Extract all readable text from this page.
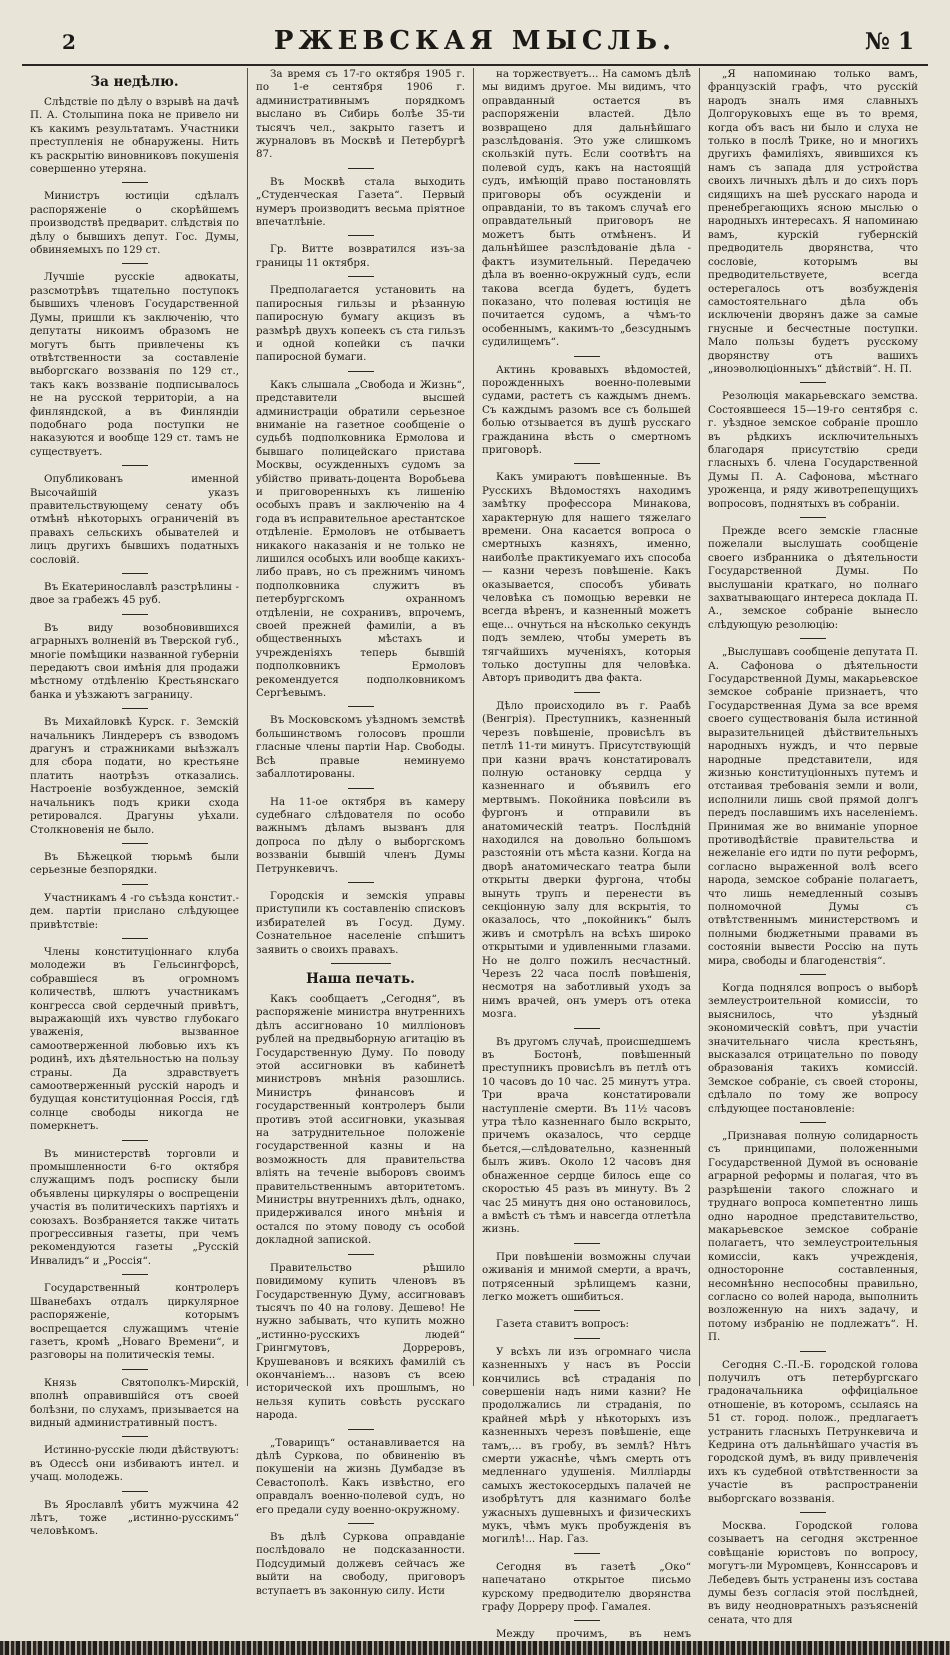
2	РЖЕВСКАЯ МЫСЛЬ.	№ 1
За недѣлю.

Слѣдствіе по дѣлу о взрывѣ на дачѣ П. А. Столыпина пока не привело ни къ какимъ результатамъ. Участники преступленія не обнаружены. Нить къ раскрытію виновниковъ покушенія совершенно утеряна.

Министръ юстиціи сдѣлалъ распоряженіе о скорѣйшемъ производствѣ предварит. слѣдствія по дѣлу о бывшихъ депут. Гос. Думы, обвиняемыхъ по 129 ст.

Лучшіе русскіе адвокаты, разсмотрѣвъ тщательно поступокъ бывшихъ членовъ Государственной Думы, пришли къ заключенію, что депутаты никоимъ образомъ не могутъ быть привлечены къ отвѣтственности за составленіе выборгскаго воззванія по 129 ст., такъ какъ воззваніе подписывалось не на русской территоріи, а на финляндской, а въ Финляндіи подобнаго рода поступки не наказуются и вообще 129 ст. тамъ не существуетъ.

Опубликованъ именной Высочайшій указъ правительствующему сенату объ отмѣнѣ нѣкоторыхъ ограниченій въ правахъ сельскихъ обывателей и лицъ другихъ бывшихъ податныхъ сословій.

Въ Екатеринославлѣ разстрѣлины - двое за грабежъ 45 руб.

Въ виду возобновившихся аграрныхъ волненій въ Тверской губ., многіе помѣщики названной губерніи передаютъ свои имѣнія для продажи мѣстному отдѣленію Крестьянскаго банка и уѣзжаютъ заграницу.

Въ Михайловкѣ Курск. г. Земскій начальникъ Линдереръ съ взводомъ драгунъ и стражниками выѣзжалъ для сбора подати, но крестьяне платить наотрѣзъ отказались. Настроеніе возбужденное, земскій начальникъ подъ крики схода ретировался. Драгуны уѣхали. Столкновенія не было.

Въ Бѣжецкой тюрьмѣ были серьезные безпорядки.

Участникамъ 4 -го съѣзда констит.-дем. партіи прислано слѣдующее привѣтствіе:

Члены конституціоннаго клуба молодежи въ Гельсингфорсѣ, собравшіеся въ огромномъ количествѣ, шлютъ участникамъ конгресса свой сердечный привѣтъ, выражающій ихъ чувство глубокаго уваженія, вызванное самоотверженной любовью ихъ къ родинѣ, ихъ дѣятельностью на пользу страны. Да здравствуетъ самоотверженный русскій народъ и будущая конституціонная Россія, гдѣ солнце свободы никогда не померкнетъ.

Въ министерствѣ торговли и промышленности 6-го октября служащимъ подъ росписку были объявлены циркуляры о воспрещеніи участія въ политическихъ партіяхъ и союзахъ. Возбраняется также читать прогрессивныя газеты, при чемъ рекомендуются газеты „Русскій Инвалидъ“ и „Россія“.

Государственный контролеръ Шванебахъ отдалъ циркулярное распоряженіе, которымъ воспрещается служащимъ чтеніе газетъ, кромѣ „Новаго Времени“, и разговоры на политическія темы.

Князь Святополкъ-Мирскій, вполнѣ оправившійся отъ своей болѣзни, по слухамъ, призывается на видный административный постъ.

Истинно-русскіе люди дѣйствуютъ: въ Одессѣ они избиваютъ интел. и учащ. молодежь.

Въ Ярославлѣ убитъ мужчина 42 лѣтъ, тоже „истинно-русскимъ“ человѣкомъ.

За время съ 17-го октября 1905 г. по 1-е сентября 1906 г. административнымъ порядкомъ выслано въ Сибирь болѣе 35-ти тысячъ чел., закрыто газетъ и журналовъ въ Москвѣ и Петербургѣ 87.

Въ Москвѣ стала выходить „Студенческая Газета“. Первый нумеръ производитъ весьма пріятное впечатлѣніе.

Гр. Витте возвратился изъ-за границы 11 октября.

Предполагается установить на папиросныя гильзы и рѣзанную папиросную бумагу акцизъ въ размѣрѣ двухъ копеекъ съ ста гильзъ и одной копейки съ пачки папиросной бумаги.

Какъ слышала „Свобода и Жизнь“, представители высшей администраціи обратили серьезное вниманіе на газетное сообщеніе о судьбѣ подполковника Ермолова и бывшаго полицейскаго пристава Москвы, осужденныхъ судомъ за убійство привать-доцента Воробьева и приговоренныхъ къ лишенію особыхъ правъ и заключенію на 4 года въ исправительное арестантское отдѣленіе. Ермоловъ не отбываетъ никакого наказанія и не только не лишился особыхъ или вообще какихъ-либо правъ, но съ прежнимъ чиномъ подполковника служитъ въ петербургскомъ охранномъ отдѣленіи, не сохранивъ, впрочемъ, своей прежней фамиліи, а въ общественныхъ мѣстахъ и учрежденіяхъ теперь бывшій подполковникъ Ермоловъ рекомендуется подполковникомъ Сергѣевымъ.

Въ Московскомъ уѣздномъ земствѣ большинствомъ голосовъ прошли гласные члены партіи Нар. Свободы. Всѣ правые неминуемо забаллотированы.

На 11-ое октября въ камеру судебнаго слѣдователя по особо важнымъ дѣламъ вызванъ для допроса по дѣлу о выборгскомъ воззваніи бывшій членъ Думы Петрункевичъ.

Городскія и земскія управы приступили къ составленію списковъ избирателей въ Госуд. Думу. Сознательное населеніе спѣшитъ заявить о своихъ правахъ.

Наша печать.

Какъ сообщаетъ „Сегодня“, въ распоряженіе министра внутреннихъ дѣлъ ассигновано 10 милліоновъ рублей на предвыборную агитацію въ Государственную Думу. По поводу этой ассигновки въ кабинетѣ министровъ мнѣнія разошлись. Министръ финансовъ и государственный контролеръ были противъ этой ассигновки, указывая на затруднительное положеніе государственной казны и на возможность для правительства вліять на теченіе выборовъ своимъ правительственнымъ авторитетомъ. Министры внутреннихъ дѣлъ, однако, придерживался иного мнѣнія и остался по этому поводу съ особой докладной запиской.

Правительство рѣшило повидимому купить членовъ въ Государственную Думу, ассигновавъ тысячъ по 40 на голову. Дешево! Не нужно забывать, что купить можно „истинно-русскихъ людей“ Грингмутовъ, Дорреровъ, Крушевановъ и всякихъ фамилій съ окончаніемъ... назовъ съ всею исторической ихъ прошлымъ, но нельзя купить совѣсть русскаго народа.

„Товарищъ“ останавливается на дѣлѣ Суркова, по обвиненію въ покушеніи на жизнь Думбадзе въ Севастополѣ. Какъ извѣстно, его оправдалъ военно-полевой судъ, но его предали суду военно-окружному.

Въ дѣлѣ Суркова оправданіе послѣдовало не подсказанности. Подсудимый должевъ сейчасъ же выйти на свободу, приговоръ вступаетъ въ законную силу. Исти

на торжествуетъ... На самомъ дѣлѣ мы видимъ другое. Мы видимъ, что оправданный остается въ распоряженіи властей. Дѣло возвращено для дальнѣйшаго разслѣдованія. Это уже слишкомъ скользкій путь. Если соотвѣтъ на полевой судъ, какъ на настоящій судъ, имѣющій право постановлять приговоры объ осужденіи и оправданіи, то въ такомъ случаѣ его оправдательный приговоръ не можетъ быть отмѣненъ. И дальнѣйшее разслѣдованіе дѣла - фактъ изумительный. Передачею дѣла въ военно-окружный судъ, если такова всегда будетъ, будетъ показано, что полевая юстиція не почитается судомъ, а чѣмъ-то особеннымъ, какимъ-то „безсуднымъ судилищемъ“.

Актинь кровавыхъ вѣдомостей, порожденныхъ военно-полевыми судами, растетъ съ каждымъ днемъ. Съ каждымъ разомъ все съ большей болью отзывается въ душѣ русскаго гражданина вѣсть о смертномъ приговорѣ.

Какъ умираютъ повѣшенные. Въ Русскихъ Вѣдомостяхъ находимъ замѣтку профессора Минакова, характерную для нашего тяжелаго времени. Она касается вопроса о смертныхъ казняхъ, именно, наиболѣе практикуемаго ихъ способа — казни черезъ повѣшеніе. Какъ оказывается, способъ убивать человѣка съ помощью веревки не всегда вѣренъ, и казненный можетъ еще... очнуться на нѣсколько секундъ подъ землею, чтобы умереть въ тягчайшихъ мученіяхъ, которыя только доступны для человѣка. Авторъ приводитъ два факта.

Дѣло происходило въ г. Раабѣ (Венгрія). Преступникъ, казненный черезъ повѣшеніе, провисѣлъ въ петлѣ 11-ти минутъ. Присутствующій при казни врачъ констатировалъ полную остановку сердца у казненнаго и объявилъ его мертвымъ. Покойника повѣсили въ фургонъ и отправили въ анатомическій театръ. Послѣдній находился на довольно большомъ разстояніи отъ мѣста казни. Когда на дворѣ анатомическаго театра были открыты дверки фургона, чтобы вынуть трупъ и перенести въ секціонную залу для вскрытія, то оказалось, что „покойникъ“ былъ живъ и смотрѣлъ на всѣхъ широко открытыми и удивленными глазами. Но не долго пожилъ несчастный. Черезъ 22 часа послѣ повѣшенія, несмотря на заботливый уходъ за нимъ врачей, онъ умеръ отъ отека мозга.

Въ другомъ случаѣ, происшедшемъ въ Бостонѣ, повѣшенный преступникъ провисѣлъ въ петлѣ отъ 10 часовъ до 10 час. 25 минутъ утра. Три врача констатировали наступленіе смерти. Въ 11½ часовъ утра тѣло казненнаго было вскрыто, причемъ оказалось, что сердце бьется,—слѣдовательно, казненный былъ живъ. Около 12 часовъ дня обнаженное сердце билось еще со скоростью 45 разъ въ минуту. Въ 2 час 25 минутъ дня оно остановилось, а вмѣстѣ съ тѣмъ и навсегда отлетѣла жизнь.

При повѣшеніи возможны случаи оживанія и мнимой смерти, а врачъ, потрясенный зрѣлищемъ казни, легко можетъ ошибиться.

Газета ставитъ вопросъ:

У всѣхъ ли изъ огромнаго числа казненныхъ у насъ въ Россіи кончились всѣ страданія по совершеніи надъ ними казни? Не продолжались ли страданія, по крайней мѣрѣ у нѣкоторыхъ изъ казненныхъ черезъ повѣшеніе, еще тамъ,... въ гробу, въ землѣ? Нѣтъ смерти ужаснѣе, чѣмъ смерть отъ медленнаго удушенія. Милліарды самыхъ жестокосердыхъ палачей не изобрѣтутъ для казнимаго болѣе ужасныхъ душевныхъ и физическихъ мукъ, чѣмъ мукъ пробужденія въ могилѣ!... Нар. Газ.

Сегодня въ газетѣ „Око“ напечатано открытое письмо курскому предводителю дворянства графу Дорреру проф. Гамалея.

Между прочимъ, въ немъ

„Я напоминаю только вамъ, французскій графъ, что русскій народъ зналъ имя славныхъ Долгоруковыхъ еще въ то время, когда объ васъ ни было и слуха не только в послѣ Трике, но и многихъ другихъ фамиліяхъ, явившихся къ намъ съ запада для устройства своихъ личныхъ дѣлъ и до сихъ поръ сидящихъ на шеѣ русскаго народа и пренебрегающихъ ясною мыслью о народныхъ интересахъ. Я напоминаю вамъ, курскій губернскій предводитель дворянства, что сословіе, которымъ вы предводительствуете, всегда остерегалось отъ возбужденія самостоятельнаго дѣла объ исключеніи дворянъ даже за самые гнусные и бесчестные поступки. Мало пользы будетъ русскому дворянству отъ вашихъ „иноэволюціонныхъ“ дѣйствій“. Н. П.

Резолюція макарьевскаго земства. Состоявшееся 15—19-го сентября с. г. уѣздное земское собраніе прошло въ рѣдкихъ исключительныхъ благодаря присутствію среди гласныхъ б. члена Государственной Думы П. А. Сафонова, мѣстнаго уроженца, и ряду животрепещущихъ вопросовъ, поднятыхъ въ собраніи.

Прежде всего земскіе гласные пожелали выслушать сообщеніе своего избранника о дѣятельности Государственной Думы. По выслушаніи краткаго, но полнаго захватывающаго интереса доклада П. А., земское собраніе вынесло слѣдующую резолюцію:

„Выслушавъ сообщеніе депутата П. А. Сафонова о дѣятельности Государственной Думы, макарьевское земское собраніе признаетъ, что Государственная Дума за все время своего существованія была истинной выразительницей дѣйствительныхъ народныхъ нуждъ, и что первые народные представители, идя жизнью конституціонныхъ путемъ и отстаивая требованія земли и воли, исполнили лишь свой прямой долгъ передъ пославшимъ ихъ населеніемъ. Принимая же во вниманіе упорное противодѣйствіе правительства и нежеланіе его идти по пути реформъ, согласно выраженной волѣ всего народа, земское собраніе полагаетъ, что лишь немедленный созывъ полномочной Думы съ отвѣтственнымъ министерствомъ и полными бюджетными правами въ состояніи вывести Россію на путь мира, свободы и благоденствія“.

Когда поднялся вопросъ о выборѣ землеустроительной комиссіи, то выяснилось, что уѣздный экономическій совѣтъ, при участіи значительнаго числа крестьянъ, высказался отрицательно по поводу образованія такихъ комиссій. Земское собраніе, съ своей стороны, сдѣлало по тому же вопросу слѣдующее постановленіе:

„Признавая полную солидарность съ принципами, положенными Государственной Думой въ основаніе аграрной реформы и полагая, что въ разрѣшеніи такого сложнаго и труднаго вопроса компетентно лишь одно народное представительство, макарьевское земское собраніе полагаетъ, что землеустроительныя комиссіи, какъ учрежденія, односторонне составленныя, несомнѣнно неспособны правильно, согласно со волей народа, выполнить возложенную на нихъ задачу, и потому избранію не подлежатъ“. Н. П.

Сегодня С.-П.-Б. городской голова получилъ отъ петербургскаго градоначальника оффиціальное отношеніе, въ которомъ, ссылаясь на 51 ст. город. полож., предлагаетъ устранить гласныхъ Петрункевича и Кедрина отъ дальнѣйшаго участія въ городской думѣ, въ виду привлеченія ихъ къ судебной отвѣтственности за участіе въ распространеніи выборгскаго воззванія.

Москва. Городской голова созываетъ на сегодня экстренное совѣщаніе юристовъ по вопросу, могутъ-ли Муромцевъ, Коннссаровъ и Лебедевъ быть устранены изъ состава думы безъ согласія этой послѣдней, въ виду неодновратныхъ разъясненій сената, что для
